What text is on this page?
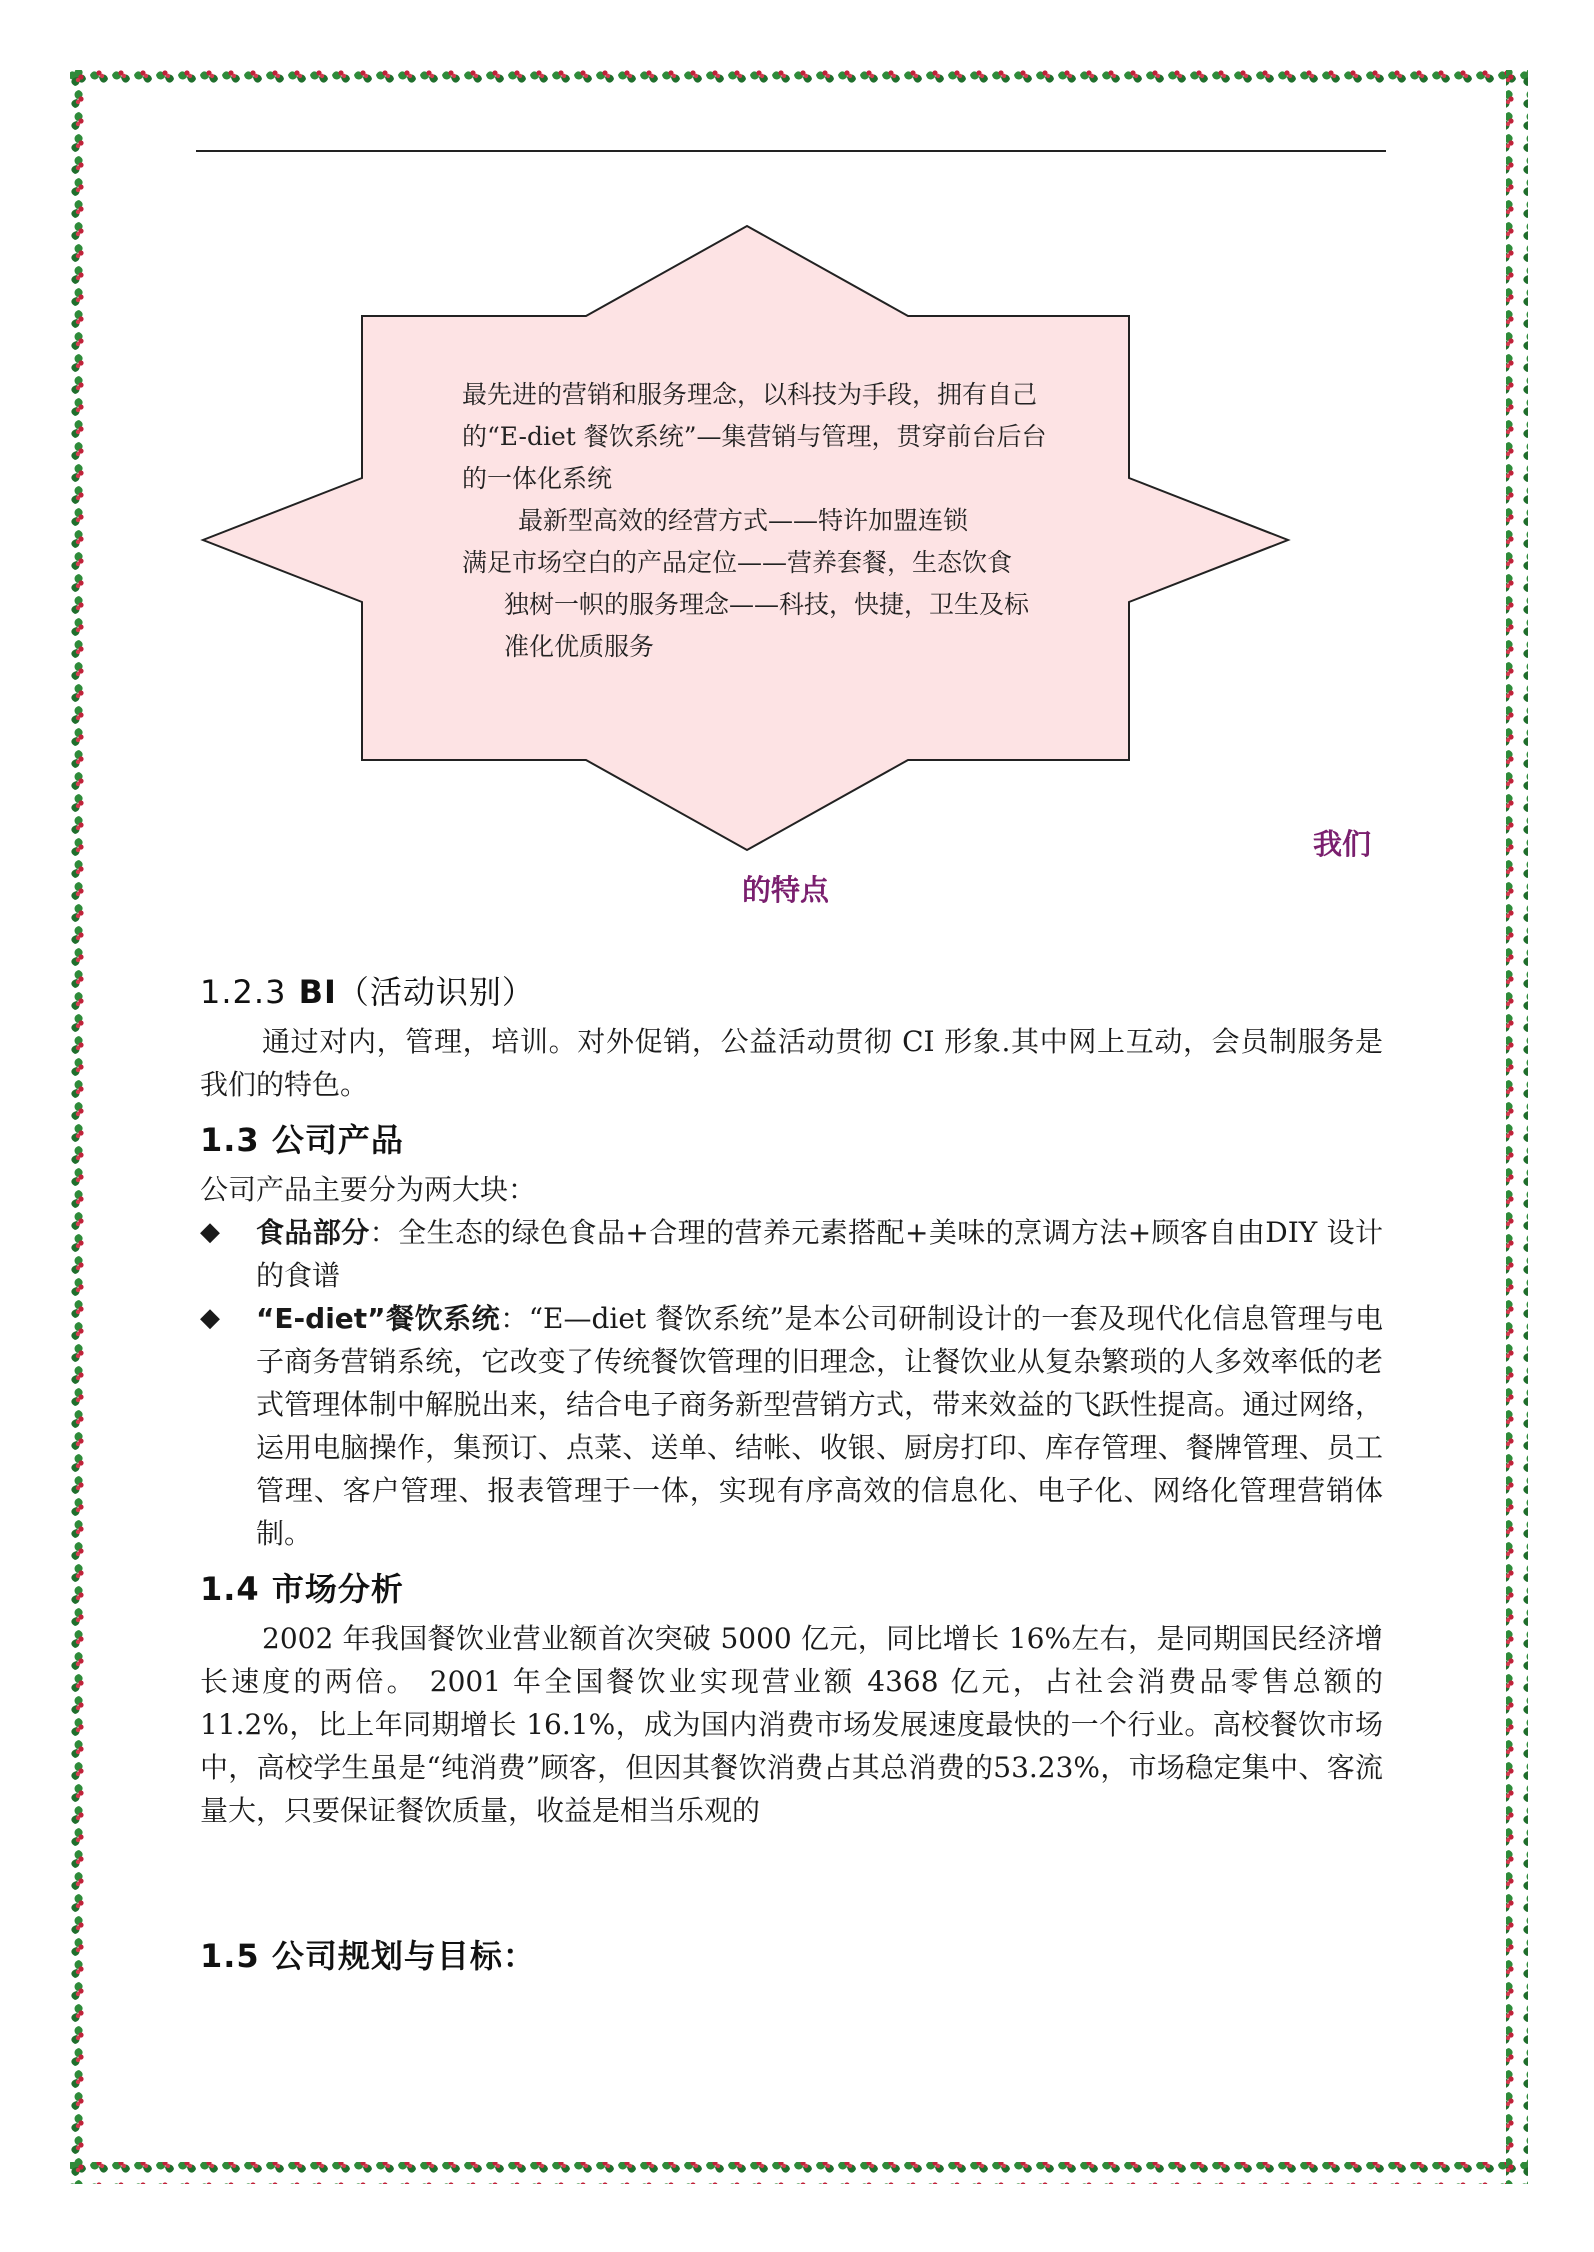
最先进的营销和服务理念，以科技为手段，拥有自己的“E-diet 餐饮系统”—集营销与管理，贯穿前台后台的一体化系统

最新型高效的经营方式——特许加盟连锁

满足市场空白的产品定位——营养套餐，生态饮食

独树一帜的服务理念——科技，快捷，卫生及标准化优质服务

我们
的特点
1.2.3 BI（活动识别）

通过对内，管理，培训。对外促销，公益活动贯彻 CI 形象.其中网上互动，会员制服务是我们的特色。

1.3 公司产品

公司产品主要分为两大块：

◆ 食品部分：全生态的绿色食品+合理的营养元素搭配+美味的烹调方法+顾客自由DIY 设计的食谱
◆ “E-diet”餐饮系统：“E—diet 餐饮系统”是本公司研制设计的一套及现代化信息管理与电子商务营销系统，它改变了传统餐饮管理的旧理念，让餐饮业从复杂繁琐的人多效率低的老式管理体制中解脱出来，结合电子商务新型营销方式，带来效益的飞跃性提高。通过网络，运用电脑操作，集预订、点菜、送单、结帐、收银、厨房打印、库存管理、餐牌管理、员工管理、客户管理、报表管理于一体，实现有序高效的信息化、电子化、网络化管理营销体制。
1.4 市场分析

2002 年我国餐饮业营业额首次突破 5000 亿元，同比增长 16%左右，是同期国民经济增长速度的两倍。 2001 年全国餐饮业实现营业额 4368 亿元，占社会消费品零售总额的 11.2%，比上年同期增长 16.1%，成为国内消费市场发展速度最快的一个行业。高校餐饮市场中，高校学生虽是“纯消费”顾客，但因其餐饮消费占其总消费的53.23%，市场稳定集中、客流量大，只要保证餐饮质量，收益是相当乐观的

1.5 公司规划与目标：
